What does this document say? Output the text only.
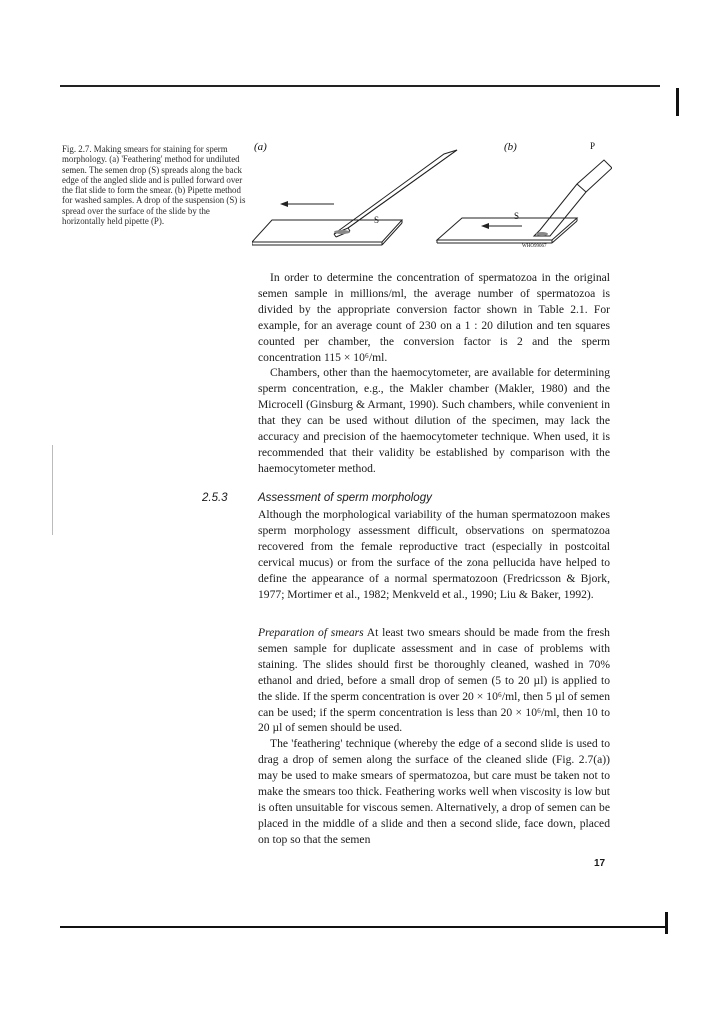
Fig. 2.7. Making smears for staining for sperm morphology. (a) 'Feathering' method for undiluted semen. The semen drop (S) spreads along the back edge of the angled slide and is pulled forward over the flat slide to form the smear. (b) Pipette method for washed samples. A drop of the suspension (S) is spread over the surface of the slide by the horizontally held pipette (P).
(a)	(b)
S	S
P
WHO99067

In order to determine the concentration of spermatozoa in the original semen sample in millions/ml, the average number of spermatozoa is divided by the appropriate conversion factor shown in Table 2.1. For example, for an average count of 230 on a 1 : 20 dilution and ten squares counted per chamber, the conversion factor is 2 and the sperm concentration 115 × 10⁶/ml.

Chambers, other than the haemocytometer, are available for determining sperm concentration, e.g., the Makler chamber (Makler, 1980) and the Microcell (Ginsburg & Armant, 1990). Such chambers, while convenient in that they can be used without dilution of the specimen, may lack the accuracy and precision of the haemocytometer technique. When used, it is recommended that their validity be established by comparison with the haemocytometer method.

2.5.3	Assessment of sperm morphology

Although the morphological variability of the human spermatozoon makes sperm morphology assessment difficult, observations on spermatozoa recovered from the female reproductive tract (especially in postcoital cervical mucus) or from the surface of the zona pellucida have helped to define the appearance of a normal spermatozoon (Fredricsson & Bjork, 1977; Mortimer et al., 1982; Menkveld et al., 1990; Liu & Baker, 1992).

Preparation of smears At least two smears should be made from the fresh semen sample for duplicate assessment and in case of problems with staining. The slides should first be thoroughly cleaned, washed in 70% ethanol and dried, before a small drop of semen (5 to 20 µl) is applied to the slide. If the sperm concentration is over 20 × 10⁶/ml, then 5 µl of semen can be used; if the sperm concentration is less than 20 × 10⁶/ml, then 10 to 20 µl of semen should be used.

The 'feathering' technique (whereby the edge of a second slide is used to drag a drop of semen along the surface of the cleaned slide (Fig. 2.7(a)) may be used to make smears of spermatozoa, but care must be taken not to make the smears too thick. Feathering works well when viscosity is low but is often unsuitable for viscous semen. Alternatively, a drop of semen can be placed in the middle of a slide and then a second slide, face down, placed on top so that the semen

17
